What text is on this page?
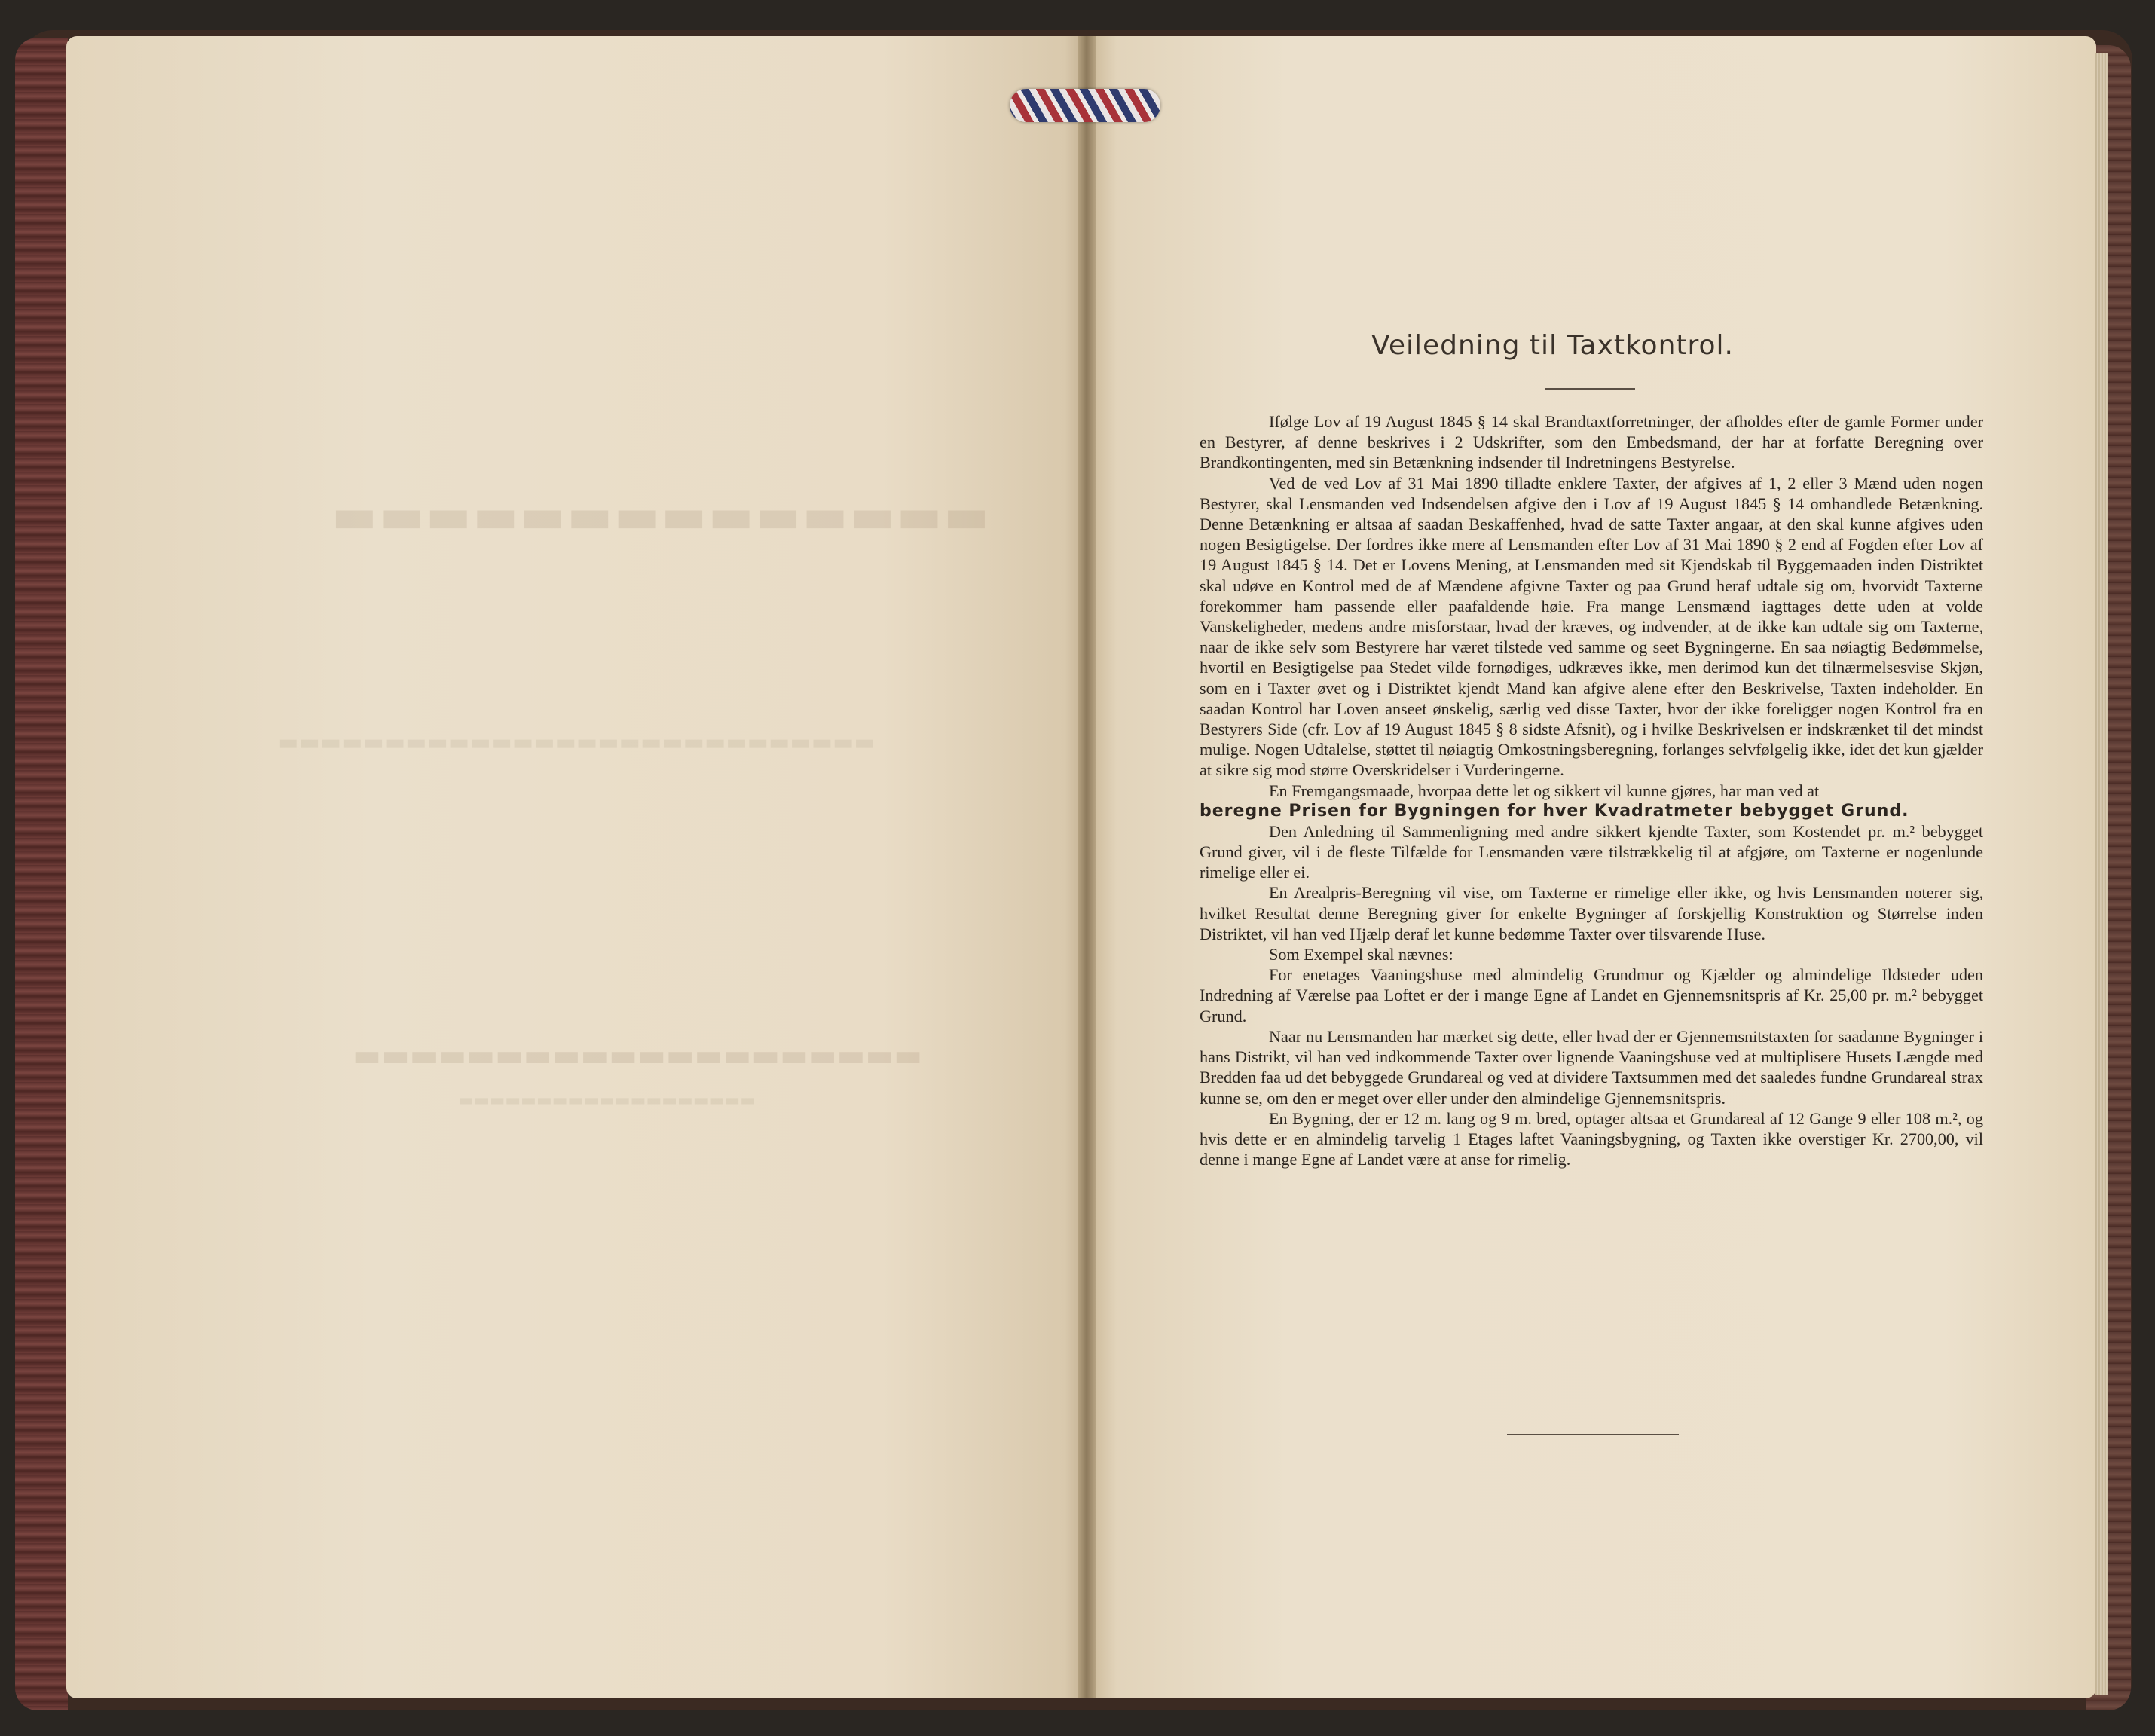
▬▬▬▬▬▬▬▬▬▬▬▬▬▬
▬▬▬▬▬▬▬▬▬▬▬▬▬▬▬▬▬▬▬▬▬▬▬▬▬▬▬▬
▬▬▬▬▬▬▬▬▬▬▬▬▬▬▬▬▬▬▬▬
▬▬▬▬▬▬▬▬▬▬▬▬▬▬▬▬▬▬▬
Veiledning til Taxtkontrol.

Ifølge Lov af 19 August 1845 § 14 skal Brandtaxtforretninger, der afholdes efter de gamle Former under en Bestyrer, af denne beskrives i 2 Udskrifter, som den Embedsmand, der har at forfatte Beregning over Brandkontingenten, med sin Betænkning indsender til Indretningens Bestyrelse.

Ved de ved Lov af 31 Mai 1890 tilladte enklere Taxter, der afgives af 1, 2 eller 3 Mænd uden nogen Bestyrer, skal Lensmanden ved Indsendelsen afgive den i Lov af 19 August 1845 § 14 omhandlede Betænkning. Denne Betænkning er altsaa af saadan Beskaffenhed, hvad de satte Taxter angaar, at den skal kunne afgives uden nogen Besigtigelse. Der fordres ikke mere af Lensmanden efter Lov af 31 Mai 1890 § 2 end af Fogden efter Lov af 19 August 1845 § 14. Det er Lovens Mening, at Lensmanden med sit Kjendskab til Byggemaaden inden Distriktet skal udøve en Kontrol med de af Mændene afgivne Taxter og paa Grund heraf udtale sig om, hvorvidt Taxterne forekommer ham passende eller paafaldende høie. Fra mange Lensmænd iagttages dette uden at volde Vanskeligheder, medens andre misforstaar, hvad der kræves, og indvender, at de ikke kan udtale sig om Taxterne, naar de ikke selv som Bestyrere har været tilstede ved samme og seet Bygningerne. En saa nøiagtig Bedømmelse, hvortil en Besigtigelse paa Stedet vilde fornødiges, udkræves ikke, men derimod kun det tilnærmelsesvise Skjøn, som en i Taxter øvet og i Distriktet kjendt Mand kan afgive alene efter den Beskrivelse, Taxten indeholder. En saadan Kontrol har Loven anseet ønskelig, særlig ved disse Taxter, hvor der ikke foreligger nogen Kontrol fra en Bestyrers Side (cfr. Lov af 19 August 1845 § 8 sidste Afsnit), og i hvilke Beskrivelsen er indskrænket til det mindst mulige. Nogen Udtalelse, støttet til nøiagtig Omkostningsberegning, forlanges selvfølgelig ikke, idet det kun gjælder at sikre sig mod større Overskridelser i Vurderingerne.

En Fremgangsmaade, hvorpaa dette let og sikkert vil kunne gjøres, har man ved at

beregne Prisen for Bygningen for hver Kvadratmeter bebygget Grund.

Den Anledning til Sammenligning med andre sikkert kjendte Taxter, som Kostendet pr. m.² bebygget Grund giver, vil i de fleste Tilfælde for Lensmanden være tilstrækkelig til at afgjøre, om Taxterne er nogenlunde rimelige eller ei.

En Arealpris-Beregning vil vise, om Taxterne er rimelige eller ikke, og hvis Lensmanden noterer sig, hvilket Resultat denne Beregning giver for enkelte Bygninger af forskjellig Konstruktion og Størrelse inden Distriktet, vil han ved Hjælp deraf let kunne bedømme Taxter over tilsvarende Huse.

Som Exempel skal nævnes:

For enetages Vaaningshuse med almindelig Grundmur og Kjælder og almindelige Ildsteder uden Indredning af Værelse paa Loftet er der i mange Egne af Landet en Gjennemsnitspris af Kr. 25,00 pr. m.² bebygget Grund.

Naar nu Lensmanden har mærket sig dette, eller hvad der er Gjennemsnitstaxten for saadanne Bygninger i hans Distrikt, vil han ved indkommende Taxter over lignende Vaaningshuse ved at multiplisere Husets Længde med Bredden faa ud det bebyggede Grundareal og ved at dividere Taxtsummen med det saaledes fundne Grundareal strax kunne se, om den er meget over eller under den almindelige Gjennemsnitspris.

En Bygning, der er 12 m. lang og 9 m. bred, optager altsaa et Grundareal af 12 Gange 9 eller 108 m.², og hvis dette er en almindelig tarvelig 1 Etages laftet Vaaningsbygning, og Taxten ikke overstiger Kr. 2700,00, vil denne i mange Egne af Landet være at anse for rimelig.
